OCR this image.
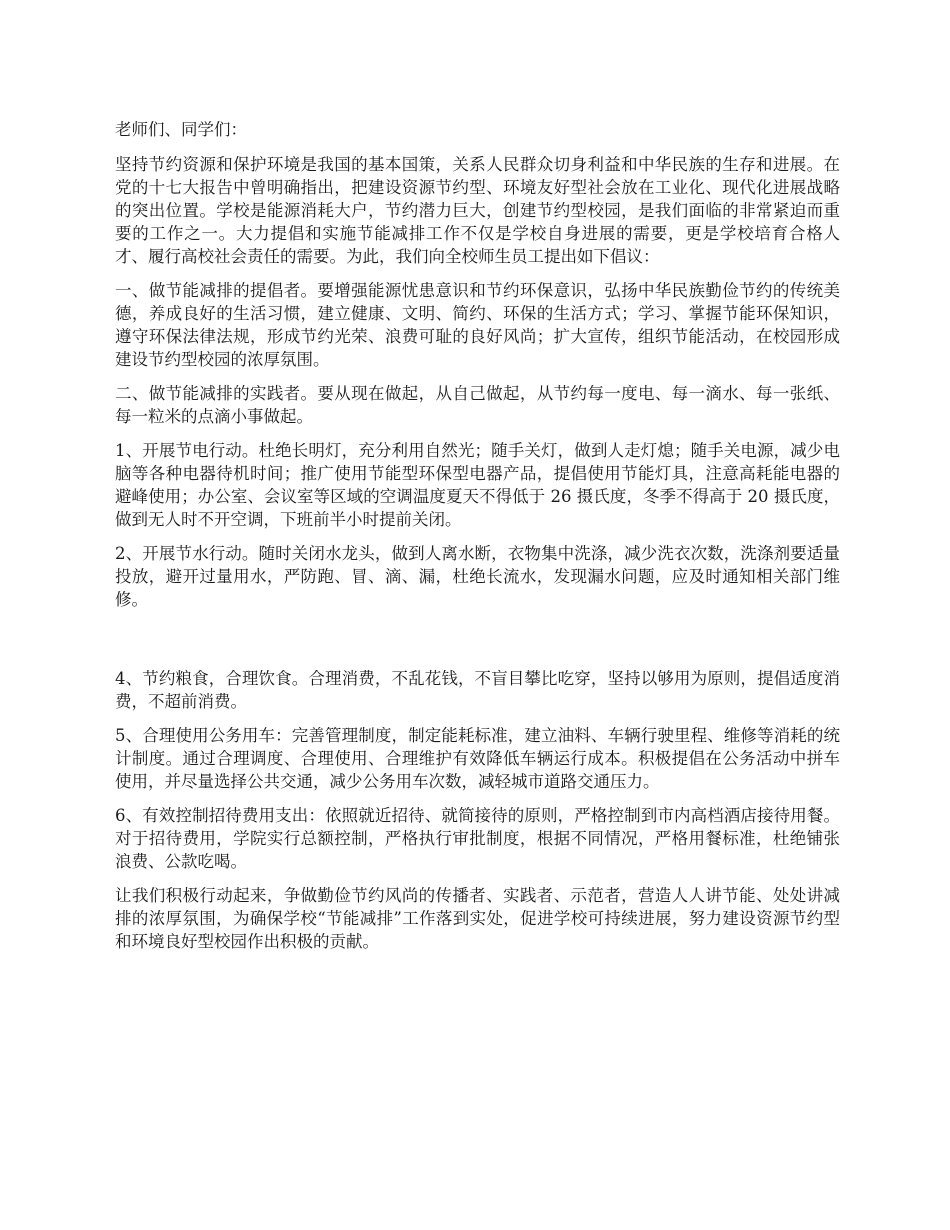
老师们、同学们：

坚持节约资源和保护环境是我国的基本国策，关系人民群众切身利益和中华民族的生存和进展。在党的十七大报告中曾明确指出，把建设资源节约型、环境友好型社会放在工业化、现代化进展战略的突出位置。学校是能源消耗大户，节约潜力巨大，创建节约型校园，是我们面临的非常紧迫而重要的工作之一。大力提倡和实施节能减排工作不仅是学校自身进展的需要，更是学校培育合格人才、履行高校社会责任的需要。为此，我们向全校师生员工提出如下倡议：

一、做节能减排的提倡者。要增强能源忧患意识和节约环保意识，弘扬中华民族勤俭节约的传统美德，养成良好的生活习惯，建立健康、文明、简约、环保的生活方式；学习、掌握节能环保知识，遵守环保法律法规，形成节约光荣、浪费可耻的良好风尚；扩大宣传，组织节能活动，在校园形成建设节约型校园的浓厚氛围。

二、做节能减排的实践者。要从现在做起，从自己做起，从节约每一度电、每一滴水、每一张纸、每一粒米的点滴小事做起。

1、开展节电行动。杜绝长明灯，充分利用自然光；随手关灯，做到人走灯熄；随手关电源，减少电脑等各种电器待机时间；推广使用节能型环保型电器产品，提倡使用节能灯具，注意高耗能电器的避峰使用；办公室、会议室等区域的空调温度夏天不得低于 26 摄氏度，冬季不得高于 20 摄氏度，做到无人时不开空调，下班前半小时提前关闭。

2、开展节水行动。随时关闭水龙头，做到人离水断，衣物集中洗涤，减少洗衣次数，洗涤剂要适量投放，避开过量用水，严防跑、冒、滴、漏，杜绝长流水，发现漏水问题，应及时通知相关部门维修。

4、节约粮食，合理饮食。合理消费，不乱花钱，不盲目攀比吃穿，坚持以够用为原则，提倡适度消费，不超前消费。

5、合理使用公务用车：完善管理制度，制定能耗标准，建立油料、车辆行驶里程、维修等消耗的统计制度。通过合理调度、合理使用、合理维护有效降低车辆运行成本。积极提倡在公务活动中拼车使用，并尽量选择公共交通，减少公务用车次数，减轻城市道路交通压力。

6、有效控制招待费用支出：依照就近招待、就简接待的原则，严格控制到市内高档酒店接待用餐。对于招待费用，学院实行总额控制，严格执行审批制度，根据不同情况，严格用餐标准，杜绝铺张浪费、公款吃喝。

让我们积极行动起来，争做勤俭节约风尚的传播者、实践者、示范者，营造人人讲节能、处处讲减排的浓厚氛围，为确保学校“节能减排”工作落到实处，促进学校可持续进展，努力建设资源节约型和环境良好型校园作出积极的贡献。
